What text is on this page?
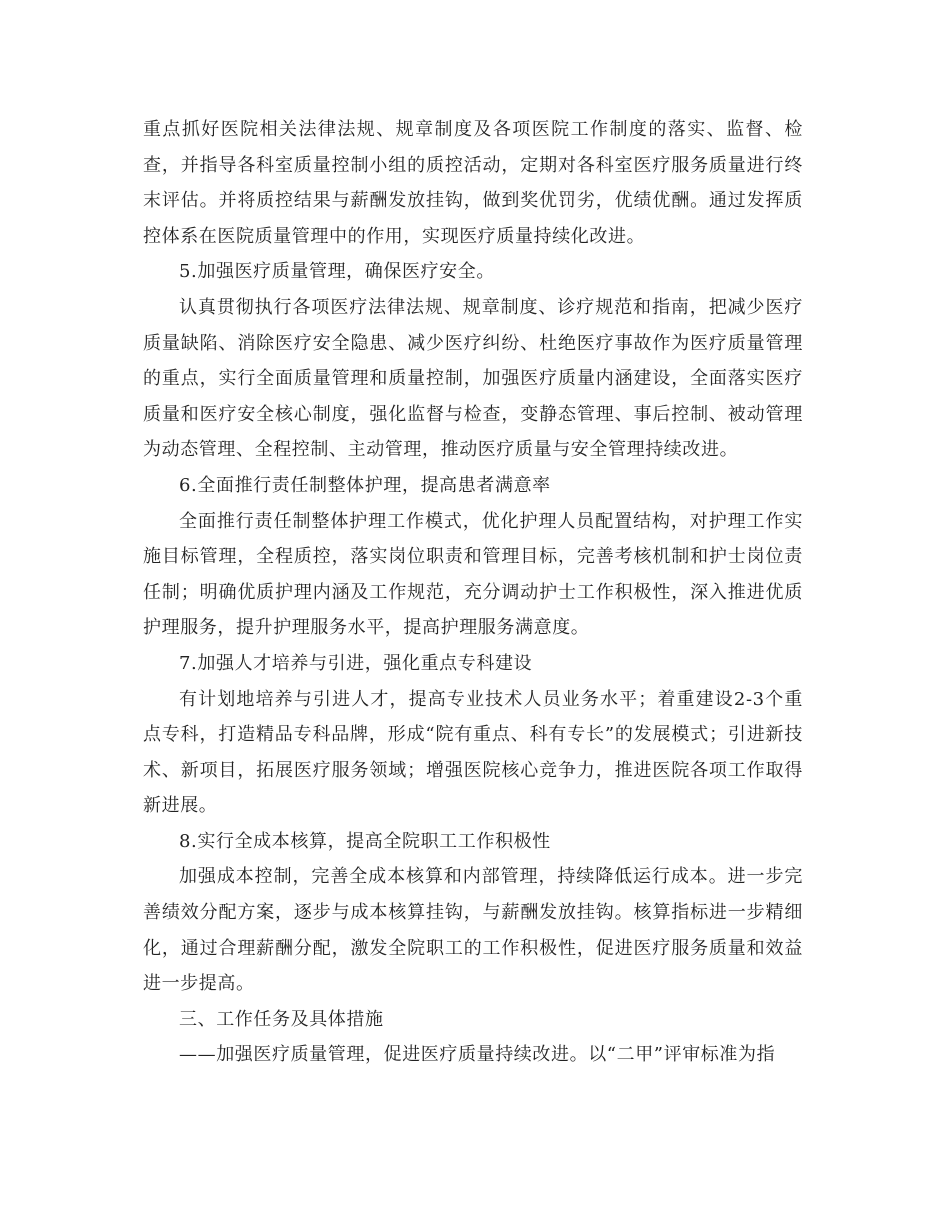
重点抓好医院相关法律法规、规章制度及各项医院工作制度的落实、监督、检查，并指导各科室质量控制小组的质控活动，定期对各科室医疗服务质量进行终末评估。并将质控结果与薪酬发放挂钩，做到奖优罚劣，优绩优酬。通过发挥质控体系在医院质量管理中的作用，实现医疗质量持续化改进。

5.加强医疗质量管理，确保医疗安全。

认真贯彻执行各项医疗法律法规、规章制度、诊疗规范和指南，把减少医疗质量缺陷、消除医疗安全隐患、减少医疗纠纷、杜绝医疗事故作为医疗质量管理的重点，实行全面质量管理和质量控制，加强医疗质量内涵建设，全面落实医疗质量和医疗安全核心制度，强化监督与检查，变静态管理、事后控制、被动管理为动态管理、全程控制、主动管理，推动医疗质量与安全管理持续改进。

6.全面推行责任制整体护理，提高患者满意率

全面推行责任制整体护理工作模式，优化护理人员配置结构，对护理工作实施目标管理，全程质控，落实岗位职责和管理目标，完善考核机制和护士岗位责任制；明确优质护理内涵及工作规范，充分调动护士工作积极性，深入推进优质护理服务，提升护理服务水平，提高护理服务满意度。

7.加强人才培养与引进，强化重点专科建设

有计划地培养与引进人才，提高专业技术人员业务水平；着重建设2-3个重点专科，打造精品专科品牌，形成“院有重点、科有专长”的发展模式；引进新技术、新项目，拓展医疗服务领域；增强医院核心竞争力，推进医院各项工作取得新进展。

8.实行全成本核算，提高全院职工工作积极性

加强成本控制，完善全成本核算和内部管理，持续降低运行成本。进一步完善绩效分配方案，逐步与成本核算挂钩，与薪酬发放挂钩。核算指标进一步精细化，通过合理薪酬分配，激发全院职工的工作积极性，促进医疗服务质量和效益进一步提高。

三、工作任务及具体措施

——加强医疗质量管理，促进医疗质量持续改进。以“二甲”评审标准为指
